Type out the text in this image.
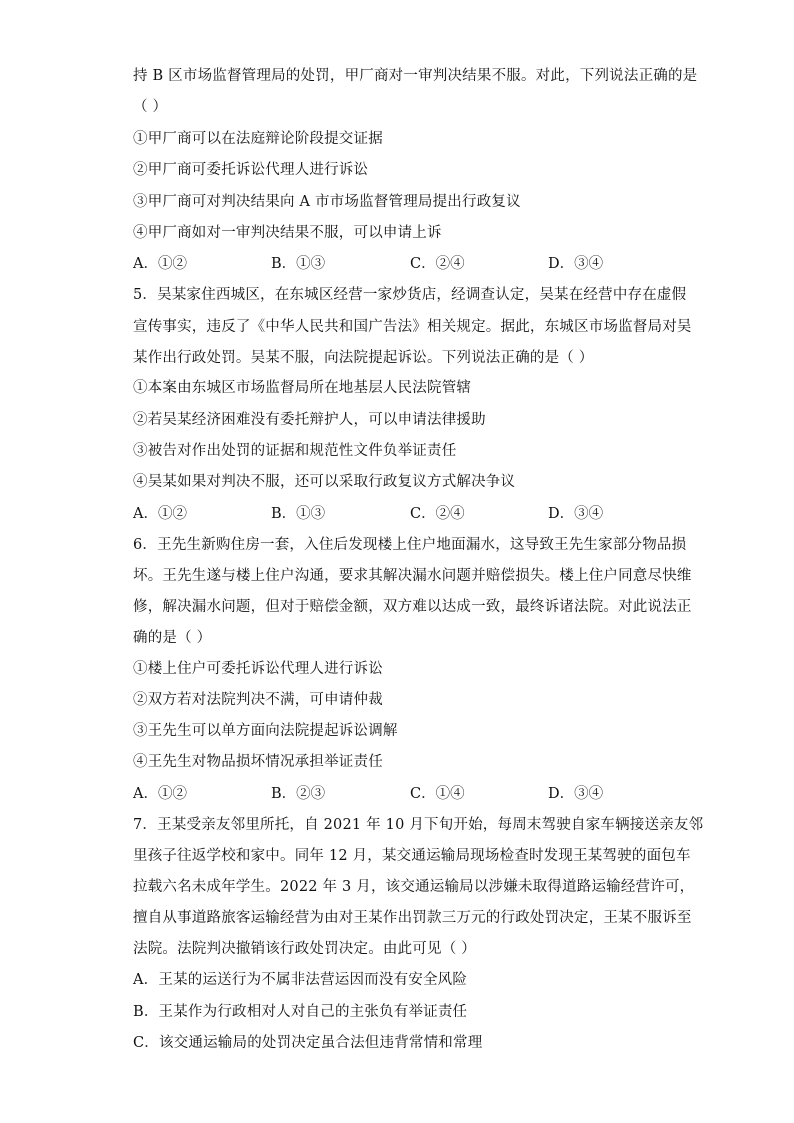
持 B 区市场监督管理局的处罚，甲厂商对一审判决结果不服。对此，下列说法正确的是
（ ）
①甲厂商可以在法庭辩论阶段提交证据
②甲厂商可委托诉讼代理人进行诉讼
③甲厂商可对判决结果向 A 市市场监督管理局提出行政复议
④甲厂商如对一审判决结果不服，可以申请上诉
A．①②	B．①③	C．②④	D．③④
5．吴某家住西城区，在东城区经营一家炒货店，经调查认定，吴某在经营中存在虚假
宣传事实，违反了《中华人民共和国广告法》相关规定。据此，东城区市场监督局对吴
某作出行政处罚。吴某不服，向法院提起诉讼。下列说法正确的是（ ）
①本案由东城区市场监督局所在地基层人民法院管辖
②若吴某经济困难没有委托辩护人，可以申请法律援助
③被告对作出处罚的证据和规范性文件负举证责任
④吴某如果对判决不服，还可以采取行政复议方式解决争议
A．①②	B．①③	C．②④	D．③④
6．王先生新购住房一套，入住后发现楼上住户地面漏水，这导致王先生家部分物品损
坏。王先生遂与楼上住户沟通，要求其解决漏水问题并赔偿损失。楼上住户同意尽快维
修，解决漏水问题，但对于赔偿金额，双方难以达成一致，最终诉诸法院。对此说法正
确的是（ ）
①楼上住户可委托诉讼代理人进行诉讼
②双方若对法院判决不满，可申请仲裁
③王先生可以单方面向法院提起诉讼调解
④王先生对物品损坏情况承担举证责任
A．①②	B．②③	C．①④	D．③④
7．王某受亲友邻里所托，自 2021 年 10 月下旬开始，每周末驾驶自家车辆接送亲友邻
里孩子往返学校和家中。同年 12 月，某交通运输局现场检查时发现王某驾驶的面包车
拉载六名未成年学生。2022 年 3 月，该交通运输局以涉嫌未取得道路运输经营许可，
擅自从事道路旅客运输经营为由对王某作出罚款三万元的行政处罚决定，王某不服诉至
法院。法院判决撤销该行政处罚决定。由此可见（ ）
A．王某的运送行为不属非法营运因而没有安全风险
B．王某作为行政相对人对自己的主张负有举证责任
C．该交通运输局的处罚决定虽合法但违背常情和常理
